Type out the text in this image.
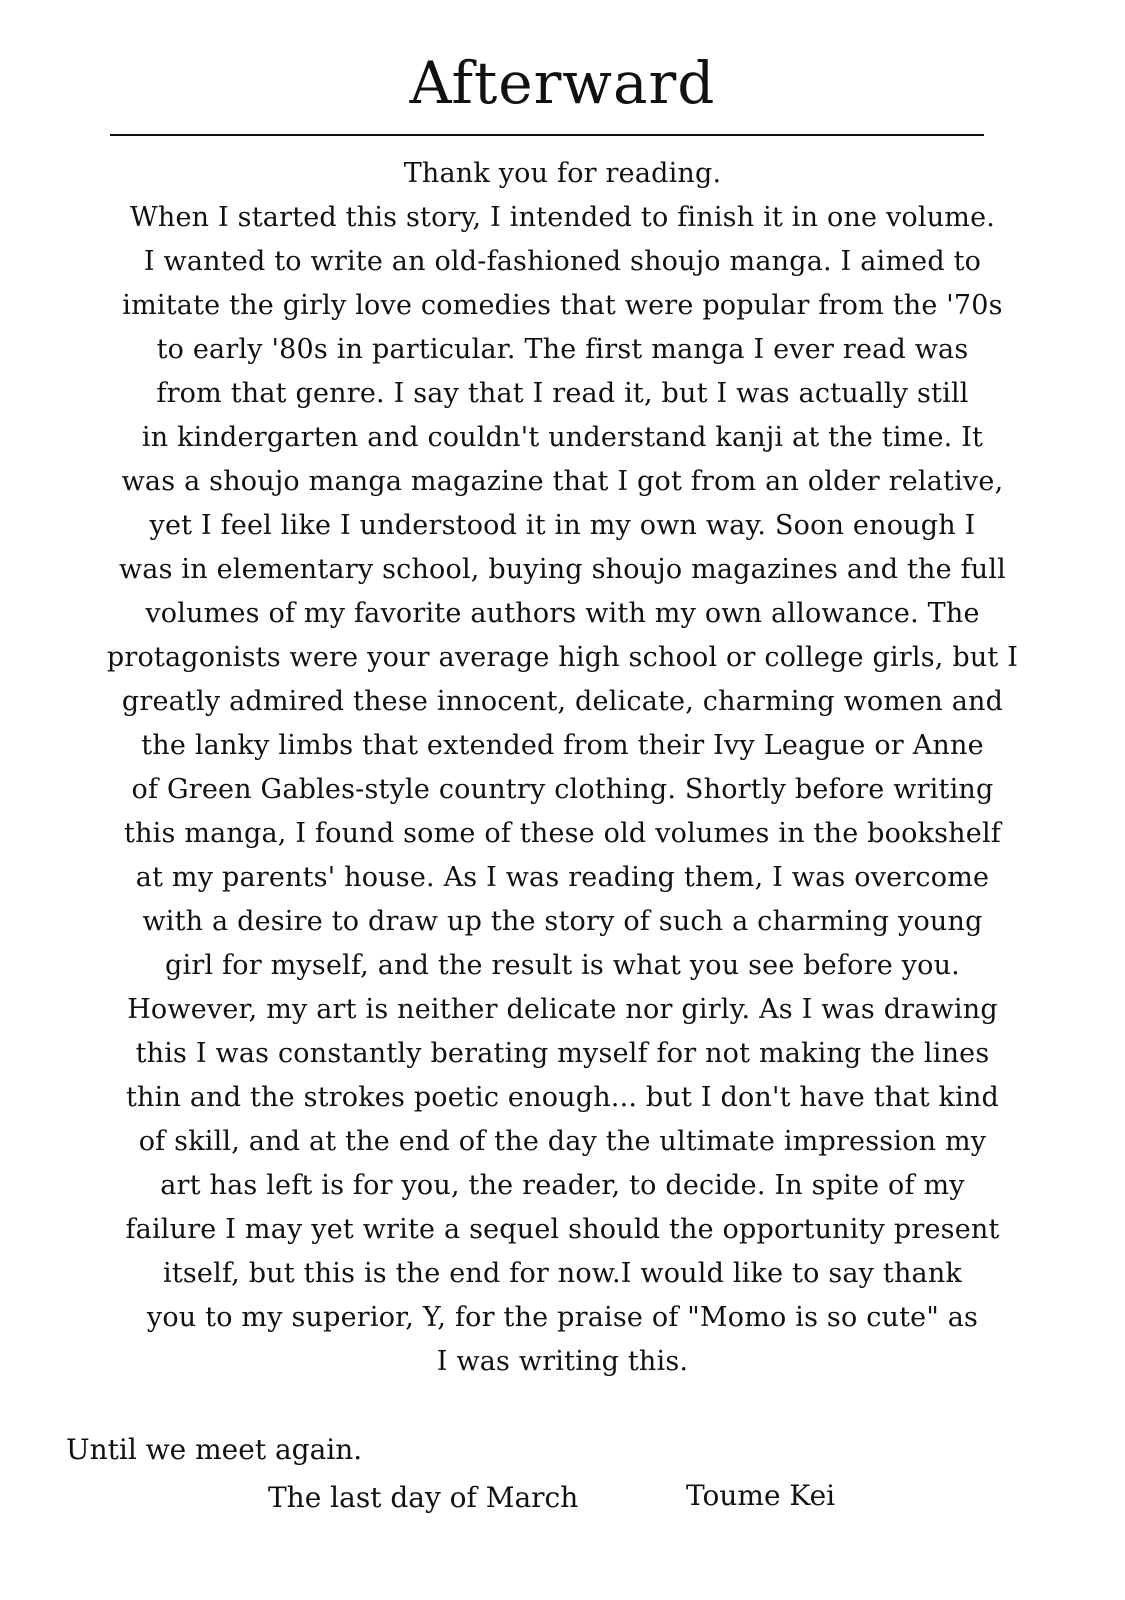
Afterward
Thank you for reading.
When I started this story, I intended to finish it in one volume.
I wanted to write an old-fashioned shoujo manga. I aimed to
imitate the girly love comedies that were popular from the '70s
to early '80s in particular. The first manga I ever read was
from that genre. I say that I read it, but I was actually still
in kindergarten and couldn't understand kanji at the time. It
was a shoujo manga magazine that I got from an older relative,
yet I feel like I understood it in my own way. Soon enough I
was in elementary school, buying shoujo magazines and the full
volumes of my favorite authors with my own allowance. The
protagonists were your average high school or college girls, but I
greatly admired these innocent, delicate, charming women and
the lanky limbs that extended from their Ivy League or Anne
of Green Gables-style country clothing. Shortly before writing
this manga, I found some of these old volumes in the bookshelf
at my parents' house. As I was reading them, I was overcome
with a desire to draw up the story of such a charming young
girl for myself, and the result is what you see before you.
However, my art is neither delicate nor girly. As I was drawing
this I was constantly berating myself for not making the lines
thin and the strokes poetic enough... but I don't have that kind
of skill, and at the end of the day the ultimate impression my
art has left is for you, the reader, to decide. In spite of my
failure I may yet write a sequel should the opportunity present
itself, but this is the end for now.I would like to say thank
you to my superior, Y, for the praise of "Momo is so cute" as
I was writing this.
Until we meet again.
The last day of March	Toume Kei
